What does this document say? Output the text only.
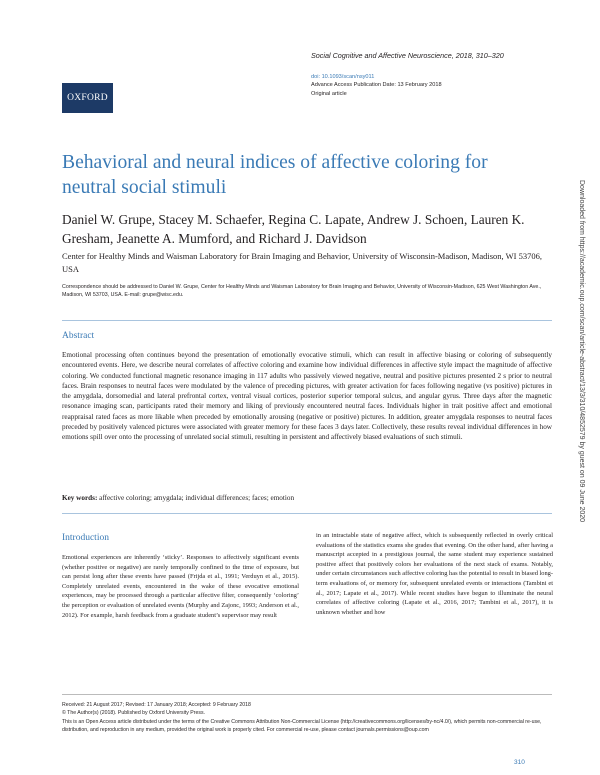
OXFORD
Social Cognitive and Affective Neuroscience, 2018, 310–320
doi: 10.1093/scan/nsy011
Advance Access Publication Date: 13 February 2018
Original article
Behavioral and neural indices of affective coloring for neutral social stimuli
Daniel W. Grupe, Stacey M. Schaefer, Regina C. Lapate, Andrew J. Schoen, Lauren K. Gresham, Jeanette A. Mumford, and Richard J. Davidson
Center for Healthy Minds and Waisman Laboratory for Brain Imaging and Behavior, University of Wisconsin-Madison, Madison, WI 53706, USA
Correspondence should be addressed to Daniel W. Grupe, Center for Healthy Minds and Waisman Laboratory for Brain Imaging and Behavior, University of Wisconsin-Madison, 625 West Washington Ave., Madison, WI 53703, USA. E-mail: grupe@wisc.edu.
Abstract
Emotional processing often continues beyond the presentation of emotionally evocative stimuli, which can result in affective biasing or coloring of subsequently encountered events. Here, we describe neural correlates of affective coloring and examine how individual differences in affective style impact the magnitude of affective coloring. We conducted functional magnetic resonance imaging in 117 adults who passively viewed negative, neutral and positive pictures presented 2 s prior to neutral faces. Brain responses to neutral faces were modulated by the valence of preceding pictures, with greater activation for faces following negative (vs positive) pictures in the amygdala, dorsomedial and lateral prefrontal cortex, ventral visual cortices, posterior superior temporal sulcus, and angular gyrus. Three days after the magnetic resonance imaging scan, participants rated their memory and liking of previously encountered neutral faces. Individuals higher in trait positive affect and emotional reappraisal rated faces as more likable when preceded by emotionally arousing (negative or positive) pictures. In addition, greater amygdala responses to neutral faces preceded by positively valenced pictures were associated with greater memory for these faces 3 days later. Collectively, these results reveal individual differences in how emotions spill over onto the processing of unrelated social stimuli, resulting in persistent and affectively biased evaluations of such stimuli.
Key words: affective coloring; amygdala; individual differences; faces; emotion
Introduction

Emotional experiences are inherently ‘sticky’. Responses to affectively significant events (whether positive or negative) are rarely temporally confined to the time of exposure, but can persist long after these events have passed (Frijda et al., 1991; Verduyn et al., 2015). Completely unrelated events, encountered in the wake of these evocative emotional experiences, may be processed through a particular affective filter, consequently ‘coloring’ the perception or evaluation of unrelated events (Murphy and Zajonc, 1993; Anderson et al., 2012). For example, harsh feedback from a graduate student’s supervisor may result

in an intractable state of negative affect, which is subsequently reflected in overly critical evaluations of the statistics exams she grades that evening. On the other hand, after having a manuscript accepted in a prestigious journal, the same student may experience sustained positive affect that positively colors her evaluations of the next stack of exams. Notably, under certain circumstances such affective coloring has the potential to result in biased long-term evaluations of, or memory for, subsequent unrelated events or interactions (Tambini et al., 2017; Lapate et al., 2017). While recent studies have begun to illuminate the neural correlates of affective coloring (Lapate et al., 2016, 2017; Tambini et al., 2017), it is unknown whether and how

Received: 21 August 2017; Revised: 17 January 2018; Accepted: 9 February 2018
© The Author(s) (2018). Published by Oxford University Press.
This is an Open Access article distributed under the terms of the Creative Commons Attribution Non-Commercial License (http://creativecommons.org/licenses/by-nc/4.0/), which permits non-commercial re-use, distribution, and reproduction in any medium, provided the original work is properly cited. For commercial re-use, please contact journals.permissions@oup.com
310
Downloaded from https://academic.oup.com/scan/article-abstract/13/3/310/4852579 by guest on 09 June 2020
